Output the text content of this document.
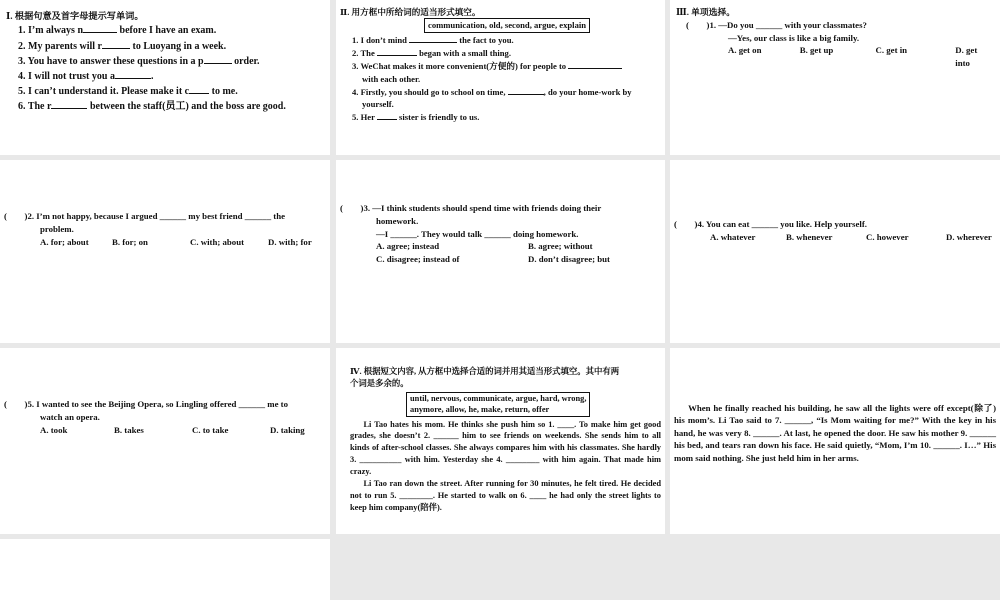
Ⅰ. 根据句意及首字母提示写单词。
1. I’m always n	before I have an exam.
2. My parents will r	to Luoyang in a week.
3. You have to answer these questions in a p	order.
4. I will not trust you a	.
5. I can’t understand it. Please make it c to me.
6. The r	between the staff(员工) and the boss are good.
Ⅱ. 用方框中所给词的适当形式填空。
communication, old, second, argue, explain
1. I don’t mind	the fact to you.
2. The	began with a small thing.
3. WeChat makes it more convenient(方便的) for people to
with each other.
4. Firstly, you should go to school on time,	, do your home-work by
yourself.
5. Her  sister is friendly to us.
Ⅲ. 单项选择。
(　　)1. —Do you ______ with your classmates?
—Yes, our class is like a big family.
A. get on	B. get up	C. get in	D. get into
(　　)2. I’m not happy, because I argued ______ my best friend ______ the
problem.
A. for; about	B. for; on	C. with; about	D. with; for
(　　)3. —I think students should spend time with friends doing their
homework.
—I ______. They would talk ______ doing homework.
A. agree; instead	B. agree; without
C. disagree; instead of	D. don’t disagree; but
(　　)4. You can eat ______ you like. Help yourself.
A. whatever	B. whenever	C. however	D. wherever
(　　)5. I wanted to see the Beijing Opera, so Lingling offered ______ me to
watch an opera.
A. took	B. takes	C. to take	D. taking
Ⅳ. 根据短文内容, 从方框中选择合适的词并用其适当形式填空。其中有两
个词是多余的。
until, nervous, communicate, argue, hard, wrong,
anymore, allow, he, make, return, offer

Li Tao hates his mom. He thinks she push him so 1. ____. To make him get good grades, she doesn’t 2. ______ him to see friends on weekends. She sends him to all kinds of after-school classes. She always compares him with his classmates. She hardly 3. __________ with him. Yesterday she 4. ________ with him again. That made him crazy.

Li Tao ran down the street. After running for 30 minutes, he felt tired. He decided not to run 5. ________. He started to walk on 6. ____ he had only the street lights to keep him company(陪伴).

When he finally reached his building, he saw all the lights were off except(除了) his mom’s. Li Tao said to 7. ______, “Is Mom waiting for me?” With the key in his hand, he was very 8. ______. At last, he opened the door. He saw his mother 9. ______ his bed, and tears ran down his face. He said quietly, “Mom, I’m 10. ______. I…” His mom said nothing. She just held him in her arms.
